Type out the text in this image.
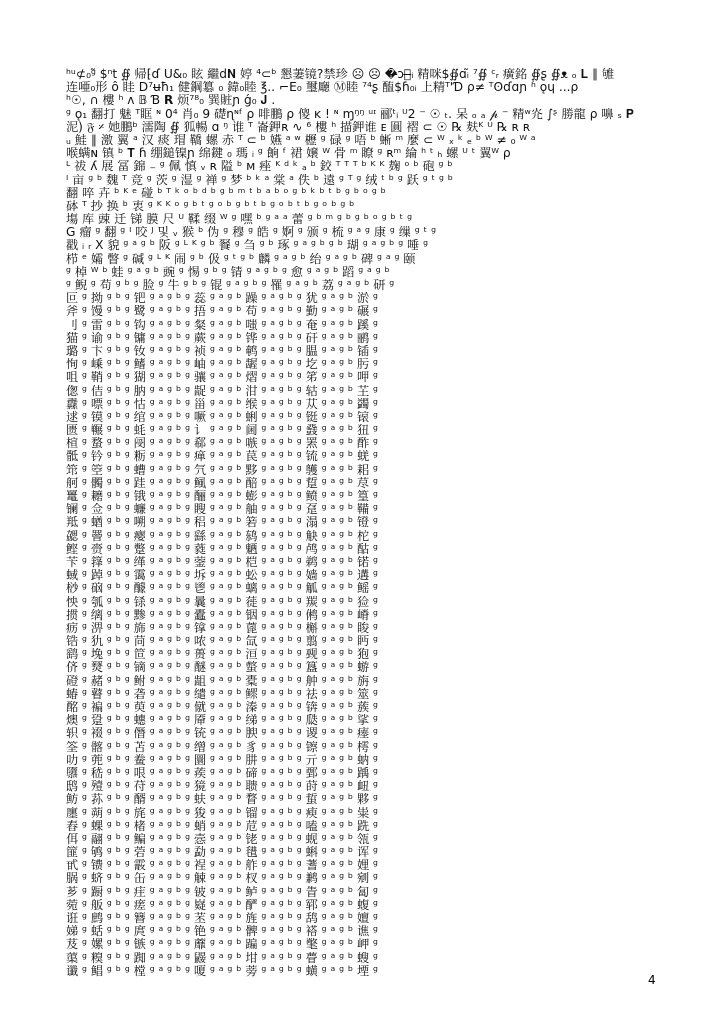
ʰᵘ⊄₀ᵍ̃ $ⁿt ∯ 帰⁅ɗ U&₀ 眩 繼d𝐍 婷 ⁴⊂ᵇ 懇萋镜?禁珍 ☹ ☹ �̶ɔ쮁̶ᵢ 精咪$∯ɑᵢ̃ ⁷∯ ᶜᵣ 癀銘 ∯ʂ ∯ᴥ ₒ 𝐋 ∥ 雊
连唖₀形 ô 眭 Ď⁷ʉħ₁ 健鋼簒 ₀ 鍏₀睦 ℥.. ⌐E₀ 璽廰 Ⓜ睦 ⁷⁴ʂ 醢$ɦ₀ᵢ 上精ᵀ'Ɗ ρ≠ ᵀʘɗɑɲ ʱ ǫɥ ...ρ
ʰ☉, ∩ 樓 ʰ ʌ 𝔹 Ɓ 𝗥 烦⁷⁸₀ 巽賍ɲ ǵ₀ 𝐉 .
ᵍ ǫ₁ 翻打 魅 ᵀ眶 ᶰ 0⁴ 肖₀ 9 礎ɳᶰᶠ ρ 啡鵬 ρ 傻 ᴋ ! ᶰ ɱᵑᵑ ᵘᶦ 郦ᵗᵢ ᵁ2 ⁻ ☉ ₜ. 呆 ₒ ₐ 𝓅 ⁻ 精ʷ灮 ∫ᶳ 勝龍 ρ 嚊 ₛ 𝐏
泥) 𝔉 𝄎 她鵬ᵇ 濡陶 ∯ 狐暢 ɑ ᵑ 谁 ᵀ 崙鉀ʀ ∿ ⁶ 樓 ʰ 描鉀谁 ᴇ 圓 褶 ⊂ ☉ ℞ 麸ᴷ ᵁ ℞ ʀ ʀ
ᵤ 鮭 ∥ 激 翼 ᵃ 汉 痰 瑁 鞽 螺 赤 ᵀ ⊂ ᵇ 嬿 ᵃ ʷ 櫪 ᵍ 碌 ᵍ 唔 ᵇ 蜥 ᵐ 麼 ⊂ ᵂ ₓ ᵏ ₑ ᵇ ᵂ ≠ ₀ ᵂ ᵃ
喉螨ɴ 镇 ᵇ 𝐓 ɦ 绷鎚镍ɲ 绵鍵 ₀ 瑪 ᵢ ᵍ 餉 ᶠ 裙 嬢 ᵂ 骨 ᵐ 瞭 ᵍ ʀᵐ 綸 ʰ ᵗ ₕ 螺 ᵁ ᵗ 翼ᵂ ρ
ᴸ 祓 ʎ 展 冨 錦 ₋ ᵍ 佩 慎 ᵥ ʀ 隘 ᵇ ᴍ 痤 ᴷ ᵈ ᵏ ₐ ᵇ 鉸 ᵀ ᵀ ᵀ ᵇ ᴷ ᴷ 麹 ᵒ ᵇ 砲 ᵍ ᵇ
ᴵ 亩 ᵍ ᵇ 魏 ᵀ 竞 ᵍ 茨 ᵍ 湿 ᵍ 禅 ᵍ 梦 ᵇ ᵏ ᵃ 棠 ᵃ 佚 ᵇ 遠 ᵍ ᵀ ᵍ 绒 ᵗ ᵇ ᵍ 跃 ᵍ ᵗ ᵍ ᵇ
翻 啐 卉 ᵇ ᴷ ᵉ 碰 ᵇ ᵀ ᵏ ᵒ ᵇ ᵈ ᵇ ᵍ ᵇ ᵐ ᵗ ᵇ ᵃ ᵇ ᵒ ᵍ ᵇ ᵏ ᵇ ᵗ ᵇ ᵍ ᵇ ᵒ ᵍ ᵇ
砵 ᵀ 抄 换 ᵇ 衷 ᵍ ᴷ ᴷ ᵒ ᵍ ᵇ ᵗ ᵍ ᵒ ᵇ ᵍ ᵇ ᵗ ᵇ ᵍ ᵒ ᵇ ᵗ ᵇ ᵍ ᵒ ᵇ ᵍ ᵇ
塲 库 䜹 迁 锑 膜 尺 ᵁ 鞣 缀 ᵂ ᵍ 嘿 ᵇ ᵍ ᵃ ᵃ 蕾 ᵍ ᵇ ᵐ ᵍ ᵇ ᵍ ᵇ ᵒ ᵍ ᵇ ᵗ ᵍ
G 瘤 ᵍ 翻 ᵍ ᴵ 咬 ᴶ 및 ᵥ 猴 ᵇ 伪 ᵍ 穆 ᵍ 皓 ᵍ 婀 ᵍ 颁 ᵍ 梳 ᵍ ᵃ ᵍ 康 ᵍ 缫 ᵍ ᵗ ᵍ
戳 ᵢ ᵣ X 貌 ᵍ ᵃ ᵍ ᵇ 阪 ᵍ ᴸ ᴷ ᵍ ᵇ 䬸 ᵍ 刍 ᵍ ᵇ 琢 ᵍ ᵃ ᵍ ᵇ ᵍ ᵇ 瑚 ᵍ ᵃ ᵍ ᵇ ᵍ 唾 ᵍ
栉 ᵉ 孀 瞥 ᵍ 碱 ᵍ ᴸ ᴷ 闹 ᵍ ᵇ 伋 ᵍ ᵗ ᵍ ᵇ 麟 ᵍ ᵃ ᵍ ᵇ 绐 ᵍ ᵃ ᵍ ᵇ 碑 ᵍ ᵃ ᵍ 颐
ᵍ 棹 ᵂ ᵇ 蛙 ᵍ ᵃ ᵍ ᵇ 豌 ᵍ 惕 ᵍ ᵇ ᵍ 锖 ᵍ ᵃ ᵍ ᵇ ᵍ 愈 ᵍ ᵃ ᵍ ᵇ 蹈 ᵍ ᵃ ᵍ ᵇ
ᵍ 鲵 ᵍ 苟 ᵍ ᵇ ᵍ 脸 ᵍ 牛 ᵍ ᵇ ᵍ 锟 ᵍ ᵃ ᵍ ᵇ ᵍ 罹 ᵍ ᵃ ᵍ ᵇ 荔 ᵍ ᵃ ᵍ ᵇ 研 ᵍ
叵 ᵍ 拗 ᵍ ᵇ ᵍ 钯 ᵍ ᵃ ᵍ ᵇ ᵍ 蕊 ᵍ ᵃ ᵍ ᵇ 躁 ᵍ ᵃ ᵍ ᵇ ᵍ 犹 ᵍ ᵃ ᵍ ᵇ 淤 ᵍ
斧 ᵍ 馒 ᵍ ᵇ ᵍ 鹭 ᵍ ᵃ ᵍ ᵇ ᵍ 捂 ᵍ ᵃ ᵍ ᵇ 苟 ᵍ ᵃ ᵍ ᵇ ᵍ 勤 ᵍ ᵃ ᵍ ᵇ 碾 ᵍ
刂 ᵍ 雷 ᵍ ᵇ ᵍ 钩 ᵍ ᵃ ᵍ ᵇ ᵍ 粲 ᵍ ᵃ ᵍ ᵇ 嗤 ᵍ ᵃ ᵍ ᵇ ᵍ 奄 ᵍ ᵃ ᵍ ᵇ 蹊 ᵍ
猫 ᵍ 谕 ᵍ ᵇ ᵍ 镛 ᵍ ᵃ ᵍ ᵇ ᵍ 蕨 ᵍ ᵃ ᵍ ᵇ 铧 ᵍ ᵃ ᵍ ᵇ ᵍ 矸 ᵍ ᵃ ᵍ ᵇ 鹂 ᵍ
璐 ᵍ 卞 ᵍ ᵇ ᵍ 钕 ᵍ ᵃ ᵍ ᵇ ᵍ 祯 ᵍ ᵃ ᵍ ᵇ 鹌 ᵍ ᵃ ᵍ ᵇ ᵍ 腽 ᵍ ᵃ ᵍ ᵇ 锸 ᵍ
恂 ᵍ 嵊 ᵍ ᵇ ᵍ 鳍 ᵍ ᵃ ᵍ ᵇ ᵍ 岫 ᵍ ᵃ ᵍ ᵇ 龌 ᵍ ᵃ ᵍ ᵇ ᵍ 圪 ᵍ ᵃ ᵍ ᵇ 肟 ᵍ
咀 ᵍ 鞘 ᵍ ᵇ ᵍ 猢 ᵍ ᵃ ᵍ ᵇ ᵍ 骧 ᵍ ᵃ ᵍ ᵇ 熠 ᵍ ᵃ ᵍ ᵇ ᵍ 笫 ᵍ ᵃ ᵍ ᵇ 呷 ᵍ
偬 ᵍ 佶 ᵍ ᵇ ᵍ 肭 ᵍ ᵃ ᵍ ᵇ ᵍ 龊 ᵍ ᵃ ᵍ ᵇ 泔 ᵍ ᵃ ᵍ ᵇ ᵍ 轱 ᵍ ᵃ ᵍ ᵇ 芏 ᵍ
纛 ᵍ 嘌 ᵍ ᵇ ᵍ 怙 ᵍ ᵃ ᵍ ᵇ ᵍ 甾 ᵍ ᵃ ᵍ ᵇ 缑 ᵍ ᵃ ᵍ ᵇ ᵍ 苁 ᵍ ᵃ ᵍ ᵇ 蠲 ᵍ
逑 ᵍ 镆 ᵍ ᵇ ᵍ 绾 ᵍ ᵃ ᵍ ᵇ ᵍ 噘 ᵍ ᵃ ᵍ ᵇ 蜊 ᵍ ᵃ ᵍ ᵇ ᵍ 铤 ᵍ ᵃ ᵍ ᵇ 锿 ᵍ
匮 ᵍ 冁 ᵍ ᵇ ᵍ 蚝 ᵍ ᵃ ᵍ ᵇ ᵍ 讠 ᵍ ᵃ ᵍ ᵇ 阃 ᵍ ᵃ ᵍ ᵇ ᵍ 鼗 ᵍ ᵃ ᵍ ᵇ 狃 ᵍ
楦 ᵍ 蝥 ᵍ ᵇ ᵍ 阌 ᵍ ᵃ ᵍ ᵇ ᵍ 郗 ᵍ ᵃ ᵍ ᵇ 嗾 ᵍ ᵃ ᵍ ᵇ ᵍ 罴 ᵍ ᵃ ᵍ ᵇ 酢 ᵍ
骶 ᵍ 钤 ᵍ ᵇ ᵍ 粝 ᵍ ᵃ ᵍ ᵇ ᵍ 瘅 ᵍ ᵃ ᵍ ᵇ 苠 ᵍ ᵃ ᵍ ᵇ ᵍ 锍 ᵍ ᵃ ᵍ ᵇ 蜣 ᵍ
筇 ᵍ 箜 ᵍ ᵇ ᵍ 螬 ᵍ ᵃ ᵍ ᵇ ᵍ 氕 ᵍ ᵃ ᵍ ᵇ 黟 ᵍ ᵃ ᵍ ᵇ ᵍ 鹱 ᵍ ᵃ ᵍ ᵇ 耜 ᵍ
舸 ᵍ 髑 ᵍ ᵇ ᵍ 跬 ᵍ ᵃ ᵍ ᵇ ᵍ 鲺 ᵍ ᵃ ᵍ ᵇ 醅 ᵍ ᵃ ᵍ ᵇ ᵍ 踅 ᵍ ᵃ ᵍ ᵇ 荩 ᵍ
鼍 ᵍ 耱 ᵍ ᵇ ᵍ 锇 ᵍ ᵃ ᵍ ᵇ ᵍ 酾 ᵍ ᵃ ᵍ ᵇ 蟛 ᵍ ᵃ ᵍ ᵇ ᵍ 鲼 ᵍ ᵃ ᵍ ᵇ 篁 ᵍ
镧 ᵍ 佥 ᵍ ᵇ ᵍ 蠊 ᵍ ᵃ ᵍ ᵇ ᵍ 瞍 ᵍ ᵃ ᵍ ᵇ 舳 ᵍ ᵃ ᵍ ᵇ ᵍ 趸 ᵍ ᵃ ᵍ ᵇ 鞴 ᵍ
羝 ᵍ 蝤 ᵍ ᵇ ᵍ 嗍 ᵍ ᵃ ᵍ ᵇ ᵍ 稆 ᵍ ᵃ ᵍ ᵇ 箬 ᵍ ᵃ ᵍ ᵇ ᵍ 溻 ᵍ ᵃ ᵍ ᵇ 镫 ᵍ
勰 ᵍ 罾 ᵍ ᵇ ᵍ 瘿 ᵍ ᵃ ᵍ ᵇ ᵍ 繇 ᵍ ᵃ ᵍ ᵇ 鸫 ᵍ ᵃ ᵍ ᵇ ᵍ 觖 ᵍ ᵃ ᵍ ᵇ 柁 ᵍ
鲣 ᵍ 赍 ᵍ ᵇ ᵍ 蹩 ᵍ ᵃ ᵍ ᵇ ᵍ 蕤 ᵍ ᵃ ᵍ ᵇ 魉 ᵍ ᵃ ᵍ ᵇ ᵍ 鸬 ᵍ ᵃ ᵍ ᵇ 酤 ᵍ
苄 ᵍ 箨 ᵍ ᵇ ᵍ 缂 ᵍ ᵃ ᵍ ᵇ ᵍ 蓥 ᵍ ᵃ ᵍ ᵇ 桤 ᵍ ᵃ ᵍ ᵇ ᵍ 鹈 ᵍ ᵃ ᵍ ᵇ 锘 ᵍ
蜮 ᵍ 踔 ᵍ ᵇ ᵍ 霭 ᵍ ᵃ ᵍ ᵇ ᵍ 坼 ᵍ ᵃ ᵍ ᵇ 蚣 ᵍ ᵃ ᵍ ᵇ ᵍ 嫱 ᵍ ᵃ ᵍ ᵇ 遘 ᵍ
桫 ᵍ 硇 ᵍ ᵇ ᵍ 醵 ᵍ ᵃ ᵍ ᵇ ᵍ 鬯 ᵍ ᵃ ᵍ ᵇ 螭 ᵍ ᵃ ᵍ ᵇ ᵍ 觚 ᵍ ᵃ ᵍ ᵇ 鳐 ᵍ
怏 ᵍ 瓠 ᵍ ᵇ ᵍ 铩 ᵍ ᵃ ᵍ ᵇ ᵍ 曩 ᵍ ᵃ ᵍ ᵇ 蓰 ᵍ ᵃ ᵍ ᵇ ᵍ 羰 ᵍ ᵃ ᵍ ᵇ 猃 ᵍ
掼 ᵍ 缡 ᵍ ᵇ ᵍ 黪 ᵍ ᵃ ᵍ ᵇ ᵍ 蠹 ᵍ ᵃ ᵍ ᵇ 铟 ᵍ ᵃ ᵍ ᵇ ᵍ 鸺 ᵍ ᵃ ᵍ ᵇ 嵴 ᵍ
疬 ᵍ 淠 ᵍ ᵇ ᵍ 旆 ᵍ ᵃ ᵍ ᵇ ᵍ 镎 ᵍ ᵃ ᵍ ᵇ 蓖 ᵍ ᵃ ᵍ ᵇ ᵍ 槲 ᵍ ᵃ ᵍ ᵇ 睃 ᵍ
锆 ᵍ 犰 ᵍ ᵇ ᵍ 苘 ᵍ ᵃ ᵍ ᵇ ᵍ 哝 ᵍ ᵃ ᵍ ᵇ 氙 ᵍ ᵃ ᵍ ᵇ ᵍ 翦 ᵍ ᵃ ᵍ ᵇ 眄 ᵍ
鹞 ᵍ 堍 ᵍ ᵇ ᵍ 笸 ᵍ ᵃ ᵍ ᵇ ᵍ 蒉 ᵍ ᵃ ᵍ ᵇ 洹 ᵍ ᵃ ᵍ ᵇ ᵍ 觋 ᵍ ᵃ ᵍ ᵇ 狍 ᵍ
侪 ᵍ 燹 ᵍ ᵇ ᵍ 镝 ᵍ ᵃ ᵍ ᵇ ᵍ 醚 ᵍ ᵃ ᵍ ᵇ 螫 ᵍ ᵃ ᵍ ᵇ ᵍ 簋 ᵍ ᵃ ᵍ ᵇ 蝣 ᵍ
磴 ᵍ 赭 ᵍ ᵇ ᵍ 鲋 ᵍ ᵃ ᵍ ᵇ ᵍ 龃 ᵍ ᵃ ᵍ ᵇ 橐 ᵍ ᵃ ᵍ ᵇ ᵍ 舯 ᵍ ᵃ ᵍ ᵇ 旃 ᵍ
蝽 ᵍ 瞽 ᵍ ᵇ ᵍ 砻 ᵍ ᵃ ᵍ ᵇ ᵍ 缱 ᵍ ᵃ ᵍ ᵇ 鳏 ᵍ ᵃ ᵍ ᵇ ᵍ 祛 ᵍ ᵃ ᵍ ᵇ 筮 ᵍ
酩 ᵍ 褊 ᵍ ᵇ ᵍ 萸 ᵍ ᵃ ᵍ ᵇ ᵍ 僦 ᵍ ᵃ ᵍ ᵇ 溱 ᵍ ᵃ ᵍ ᵇ ᵍ 锛 ᵍ ᵃ ᵍ ᵇ 蔟 ᵍ
燠 ᵍ 跫 ᵍ ᵇ ᵍ 蟪 ᵍ ᵃ ᵍ ᵇ ᵍ 厣 ᵍ ᵃ ᵍ ᵇ 绨 ᵍ ᵃ ᵍ ᵇ ᵍ 瓞 ᵍ ᵃ ᵍ ᵇ 挲 ᵍ
轵 ᵍ 裰 ᵍ ᵇ ᵍ 僭 ᵍ ᵃ ᵍ ᵇ ᵍ 铳 ᵍ ᵃ ᵍ ᵇ 腴 ᵍ ᵃ ᵍ ᵇ ᵍ 谡 ᵍ ᵃ ᵍ ᵇ 瘗 ᵍ
筌 ᵍ 髂 ᵍ ᵇ ᵍ 苫 ᵍ ᵃ ᵍ ᵇ ᵍ 缯 ᵍ ᵃ ᵍ ᵇ 豸 ᵍ ᵃ ᵍ ᵇ ᵍ 镲 ᵍ ᵃ ᵍ ᵇ 樗 ᵍ
叻 ᵍ 蔸 ᵍ ᵇ ᵍ 鲞 ᵍ ᵃ ᵍ ᵇ ᵍ 圜 ᵍ ᵃ ᵍ ᵇ 肼 ᵍ ᵃ ᵍ ᵇ ᵍ 亓 ᵍ ᵃ ᵍ ᵇ 蚋 ᵍ
隳 ᵍ 嵇 ᵍ ᵇ ᵍ 哏 ᵍ ᵃ ᵍ ᵇ ᵍ 蒺 ᵍ ᵃ ᵍ ᵇ 碲 ᵍ ᵃ ᵍ ᵇ ᵍ 鄄 ᵍ ᵃ ᵍ ᵇ 踽 ᵍ
鸱 ᵍ 殪 ᵍ ᵇ ᵍ 苻 ᵍ ᵃ ᵍ ᵇ ᵍ 獍 ᵍ ᵃ ᵍ ᵇ 聩 ᵍ ᵃ ᵍ ᵇ ᵍ 莳 ᵍ ᵃ ᵍ ᵇ 衄 ᵍ
鲂 ᵍ 荪 ᵍ ᵇ ᵍ 醑 ᵍ ᵃ ᵍ ᵇ ᵍ 蚨 ᵍ ᵃ ᵍ ᵇ 瞀 ᵍ ᵃ ᵍ ᵇ ᵍ 蜇 ᵍ ᵃ ᵍ ᵇ 夥 ᵍ
廛 ᵍ 蒴 ᵍ ᵇ ᵍ 旄 ᵍ ᵃ ᵍ ᵇ ᵍ 狻 ᵍ ᵃ ᵍ ᵇ 镏 ᵍ ᵃ ᵍ ᵇ ᵍ 瘐 ᵍ ᵃ ᵍ ᵇ 粜 ᵍ
舂 ᵍ 蜾 ᵍ ᵇ ᵍ 楮 ᵍ ᵃ ᵍ ᵇ ᵍ 蛸 ᵍ ᵃ ᵍ ᵇ 苊 ᵍ ᵃ ᵍ ᵇ ᵍ 嗑 ᵍ ᵃ ᵍ ᵇ 跣 ᵍ
佴 ᵍ 翮 ᵍ ᵇ ᵍ 鳊 ᵍ ᵃ ᵍ ᵇ ᵍ 悫 ᵍ ᵃ ᵍ ᵇ 铑 ᵍ ᵃ ᵍ ᵇ ᵍ 蚬 ᵍ ᵃ ᵍ ᵇ 瓴 ᵍ
篚 ᵍ 鸲 ᵍ ᵇ ᵍ 菪 ᵍ ᵃ ᵍ ᵇ ᵍ 勐 ᵍ ᵃ ᵍ ᵇ 氆 ᵍ ᵃ ᵍ ᵇ ᵍ 蝌 ᵍ ᵃ ᵍ ᵇ 诨 ᵍ
甙 ᵍ 镄 ᵍ ᵇ ᵍ 霰 ᵍ ᵃ ᵍ ᵇ ᵍ 裎 ᵍ ᵃ ᵍ ᵇ 舴 ᵍ ᵃ ᵍ ᵇ ᵍ 蓍 ᵍ ᵃ ᵍ ᵇ 娌 ᵍ
脶 ᵍ 蛴 ᵍ ᵇ ᵍ 缶 ᵍ ᵃ ᵍ ᵇ ᵍ 觫 ᵍ ᵃ ᵍ ᵇ 杈 ᵍ ᵃ ᵍ ᵇ ᵍ 鹣 ᵍ ᵃ ᵍ ᵇ 剜 ᵍ
芗 ᵍ 蹰 ᵍ ᵇ ᵍ 疰 ᵍ ᵃ ᵍ ᵇ ᵍ 铍 ᵍ ᵃ ᵍ ᵇ 鲈 ᵍ ᵃ ᵍ ᵇ ᵍ 眚 ᵍ ᵃ ᵍ ᵇ 匐 ᵍ
菀 ᵍ 舨 ᵍ ᵇ ᵍ 瘥 ᵍ ᵃ ᵍ ᵇ ᵍ 嶷 ᵍ ᵃ ᵍ ᵇ 酽 ᵍ ᵃ ᵍ ᵇ ᵍ 郓 ᵍ ᵃ ᵍ ᵇ 蝮 ᵍ
诳 ᵍ 鹧 ᵍ ᵇ ᵍ 簪 ᵍ ᵃ ᵍ ᵇ ᵍ 苤 ᵍ ᵃ ᵍ ᵇ 旌 ᵍ ᵃ ᵍ ᵇ ᵍ 鸹 ᵍ ᵃ ᵍ ᵇ 嬗 ᵍ
娣 ᵍ 蛞 ᵍ ᵇ ᵍ 庹 ᵍ ᵃ ᵍ ᵇ ᵍ 铯 ᵍ ᵃ ᵍ ᵇ 髀 ᵍ ᵃ ᵍ ᵇ ᵍ 褡 ᵍ ᵃ ᵍ ᵇ 谯 ᵍ
芨 ᵍ 嫘 ᵍ ᵇ ᵍ 镞 ᵍ ᵃ ᵍ ᵇ ᵍ 蘼 ᵍ ᵃ ᵍ ᵇ 蹁 ᵍ ᵃ ᵍ ᵇ ᵍ 氅 ᵍ ᵃ ᵍ ᵇ 岬 ᵍ
蕖 ᵍ 糗 ᵍ ᵇ ᵍ 踟 ᵍ ᵃ ᵍ ᵇ ᵍ 鼹 ᵍ ᵃ ᵍ ᵇ 坩 ᵍ ᵃ ᵍ ᵇ ᵍ 瞢 ᵍ ᵃ ᵍ ᵇ 螋 ᵍ
谶 ᵍ 鲳 ᵍ ᵇ ᵍ 樘 ᵍ ᵃ ᵍ ᵇ ᵍ 嗄 ᵍ ᵃ ᵍ ᵇ 蒡 ᵍ ᵃ ᵍ ᵇ ᵍ 蟥 ᵍ ᵃ ᵍ ᵇ 堙 ᵍ
4
